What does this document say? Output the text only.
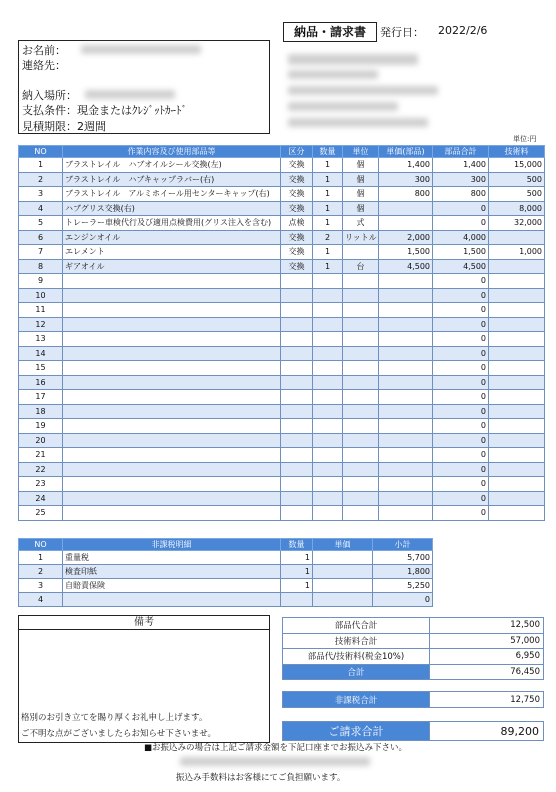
納品・請求書	発行日： 2022/2/6
お名前：
連絡先：
納入場所：
支払条件：現金またはｸﾚｼﾞｯﾄｶｰﾄﾞ
見積期限：2週間
単位:円
NO	作業内容及び使用部品等	区分	数量	単位	単価(部品)	部品合計	技術料
1	ブラストレイル　ハブオイルシール交換(左)	交換	1	個	1,400	1,400	15,000
2	ブラストレイル　ハブキャップラバー(右)	交換	1	個	300	300	500
3	ブラストレイル　アルミホイール用センターキャップ(右)	交換	1	個	800	800	500
4	ハブグリス交換(右)	交換	1	個		0	8,000
5	トレーラー車検代行及び適用点検費用(グリス注入を含む)	点検	1	式		0	32,000
6	エンジンオイル	交換	2	リットル	2,000	4,000	
7	エレメント	交換	1		1,500	1,500	1,000
8	ギアオイル	交換	1	台	4,500	4,500	
9						0	
10						0	
11						0	
12						0	
13						0	
14						0	
15						0	
16						0	
17						0	
18						0	
19						0	
20						0	
21						0	
22						0	
23						0	
24						0	
25						0	
NO	非課税明細	数量	単価	小計
1	重量税	1		5,700
2	検査印紙	1		1,800
3	自賠責保険	1		5,250
4				0
備考
格別のお引き立てを賜り厚くお礼申し上げます。
ご不明な点がございましたらお知らせ下さいませ。
部品代合計	12,500
技術料合計	57,000
部品代/技術料(税金10%)	6,950
合計	76,450
非課税合計	12,750
ご請求合計	89,200
■お振込みの場合は上記ご請求金額を下記口座までお振込み下さい。
振込み手数料はお客様にてご負担願います。
